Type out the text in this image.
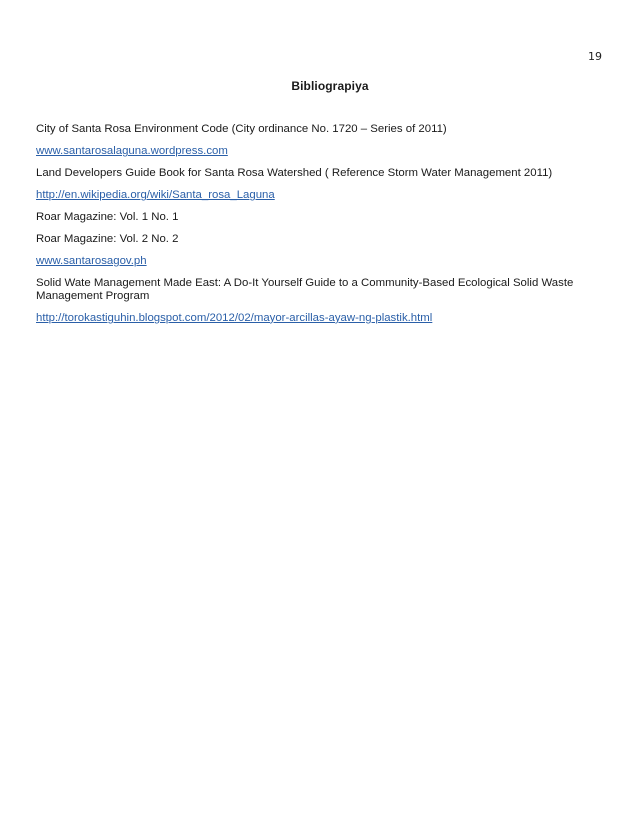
19
Bibliograpiya
City of Santa Rosa Environment Code (City ordinance No. 1720 – Series of 2011)
www.santarosalaguna.wordpress.com
Land Developers Guide Book for Santa Rosa Watershed ( Reference Storm Water Management 2011)
http://en.wikipedia.org/wiki/Santa_rosa_Laguna
Roar Magazine: Vol. 1 No. 1
Roar Magazine: Vol. 2 No. 2
www.santarosagov.ph
Solid Wate Management Made East: A Do-It Yourself Guide to a Community-Based Ecological Solid Waste Management Program
http://torokastiguhin.blogspot.com/2012/02/mayor-arcillas-ayaw-ng-plastik.html
